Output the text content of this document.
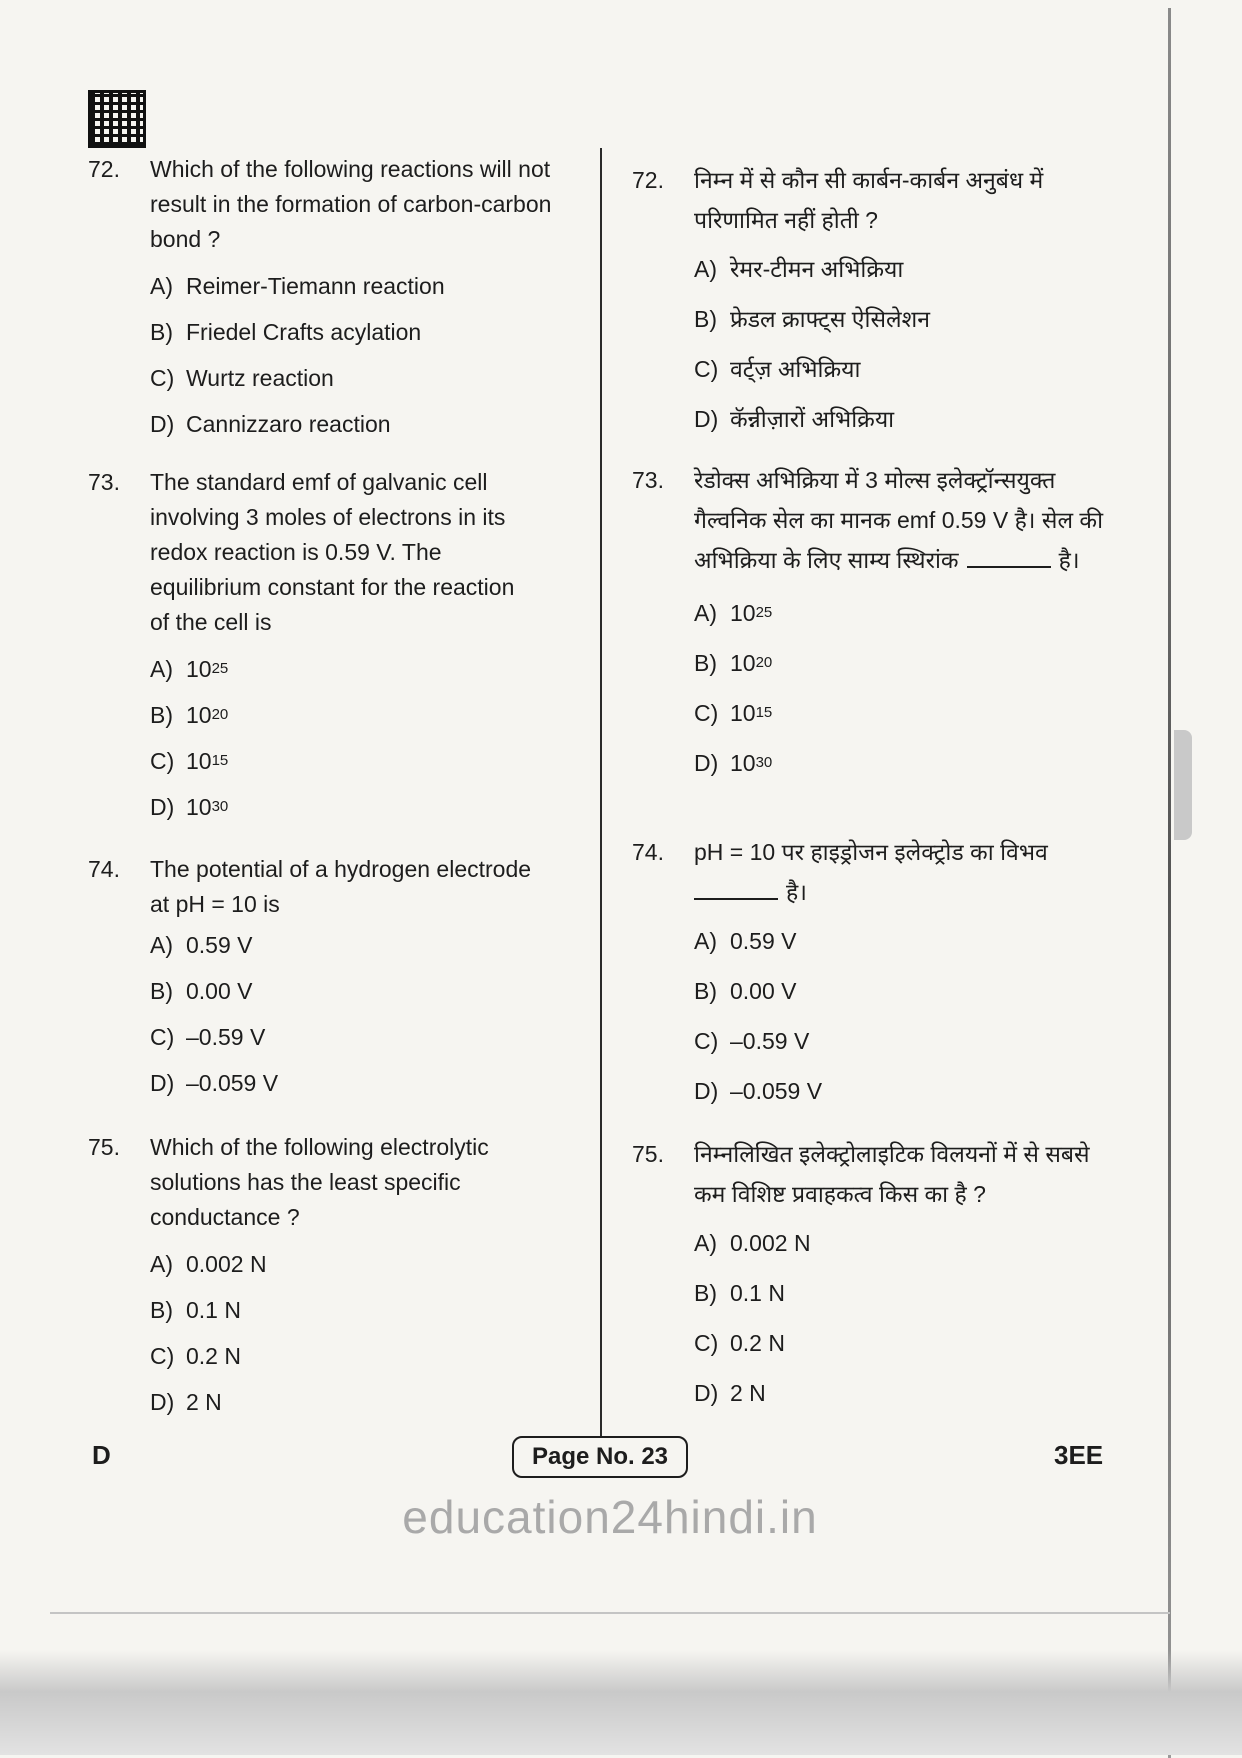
72.	Which of the following reactions will not
result in the formation of carbon-carbon
bond ?
A) Reimer-Tiemann reaction
B) Friedel Crafts acylation
C) Wurtz reaction
D) Cannizzaro reaction
73.	The standard emf of galvanic cell
involving 3 moles of electrons in its
redox reaction is 0.59 V. The
equilibrium constant for the reaction
of the cell is
A) 10 25
B) 10 20
C) 10 15
D) 10 30
74.	The potential of a hydrogen electrode
at pH = 10 is
A) 0.59 V
B) 0.00 V
C) –0.59 V
D) –0.059 V
75.	Which of the following electrolytic
solutions has the least specific
conductance ?
A) 0.002 N
B) 0.1 N
C) 0.2 N
D) 2 N
72.	निम्न में से कौन सी कार्बन-कार्बन अनुबंध में
परिणामित नहीं होती ?
A) रेमर-टीमन अभिक्रिया
B) फ्रेडल क्राफ्ट्स ऐसिलेशन
C) वर्ट्ज़ अभिक्रिया
D) कॅन्नीज़ारों अभिक्रिया
73.	रेडोक्स अभिक्रिया में 3 मोल्स इलेक्ट्रॉन्सयुक्त
गैल्वनिक सेल का मानक emf 0.59 V है। सेल की
अभिक्रिया के लिए साम्य स्थिरांक	है।
A) 10 25
B) 10 20
C) 10 15
D) 10 30
74.	pH = 10 पर हाइड्रोजन इलेक्ट्रोड का विभव
है।
A) 0.59 V
B) 0.00 V
C) –0.59 V
D) –0.059 V
75.	निम्नलिखित इलेक्ट्रोलाइटिक विलयनों में से सबसे
कम विशिष्ट प्रवाहकत्व किस का है ?
A) 0.002 N
B) 0.1 N
C) 0.2 N
D) 2 N
D	Page No. 23	3EE
education24hindi.in
